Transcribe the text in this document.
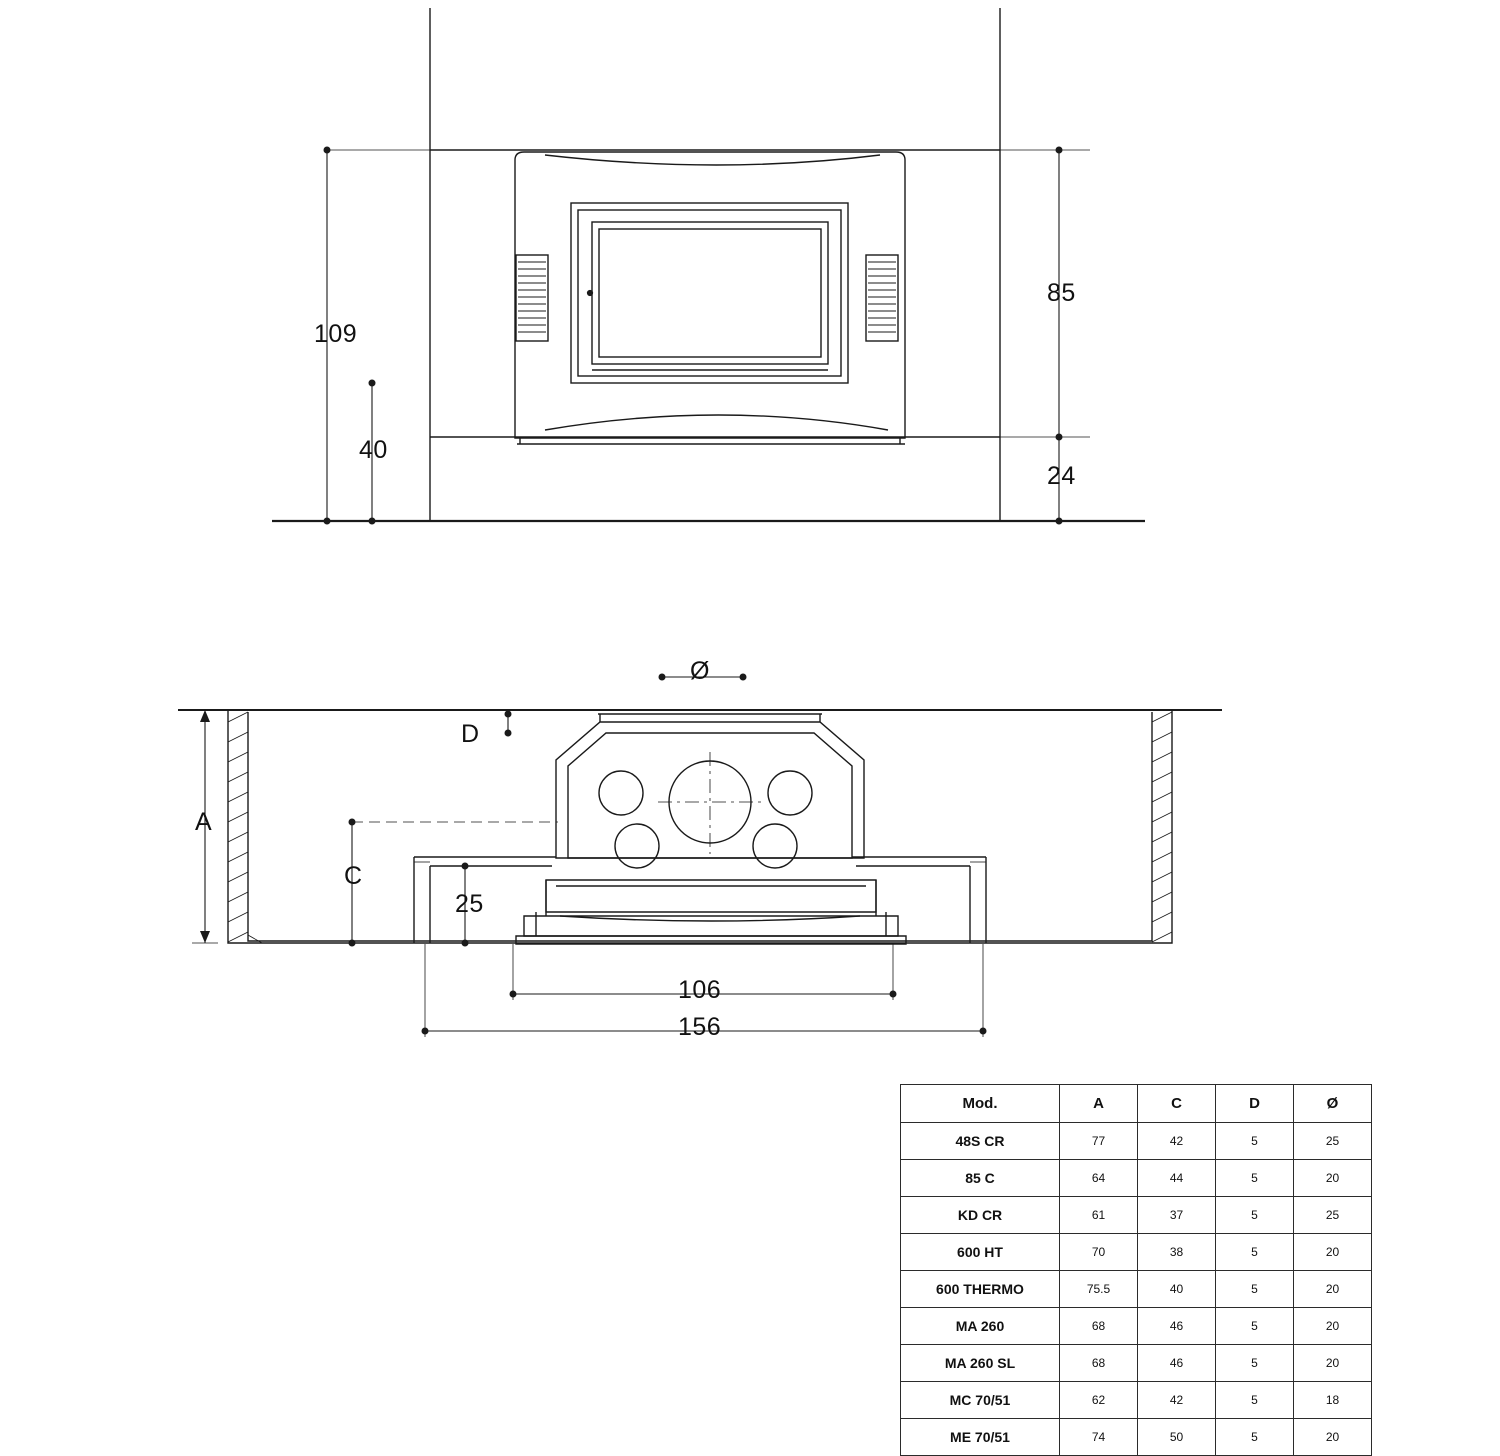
109
40
85
24
A
C
D
Ø
25
106
156
Mod.	A	C	D	Ø
48S CR	77	42	5	25
85 C	64	44	5	20
KD CR	61	37	5	25
600 HT	70	38	5	20
600 THERMO	75.5	40	5	20
MA 260	68	46	5	20
MA 260 SL	68	46	5	20
MC 70/51	62	42	5	18
ME 70/51	74	50	5	20
